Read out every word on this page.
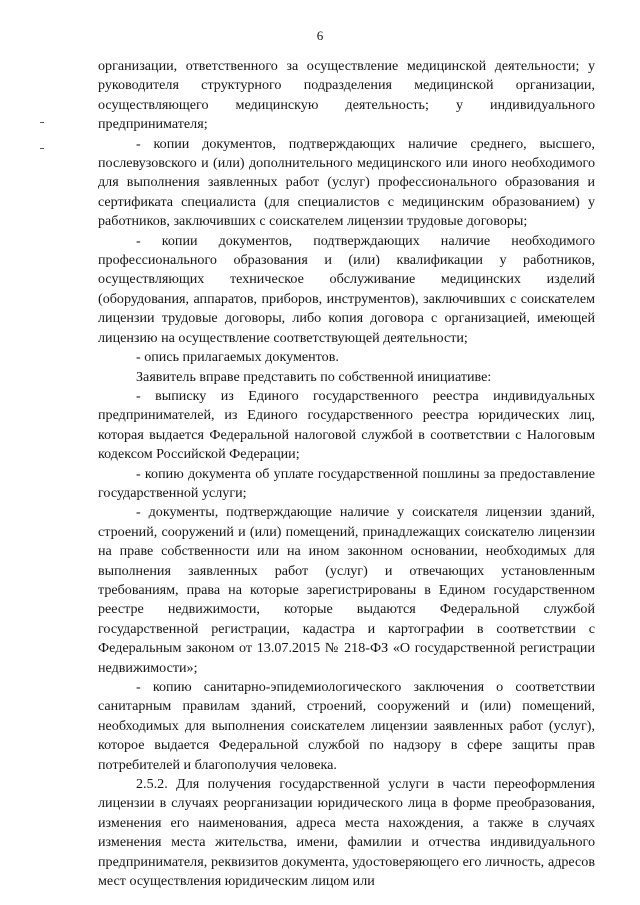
6

организации, ответственного за осуществление медицинской деятельности; у руководителя структурного подразделения медицинской организации, осуществляющего медицинскую деятельность; у индивидуального предпринимателя;

- копии документов, подтверждающих наличие среднего, высшего, послевузовского и (или) дополнительного медицинского или иного необходимого для выполнения заявленных работ (услуг) профессионального образования и сертификата специалиста (для специалистов с медицинским образованием) у работников, заключивших с соискателем лицензии трудовые договоры;

- копии документов, подтверждающих наличие необходимого профессионального образования и (или) квалификации у работников, осуществляющих техническое обслуживание медицинских изделий (оборудования, аппаратов, приборов, инструментов), заключивших с соискателем лицензии трудовые договоры, либо копия договора с организацией, имеющей лицензию на осуществление соответствующей деятельности;

- опись прилагаемых документов.

Заявитель вправе представить по собственной инициативе:

- выписку из Единого государственного реестра индивидуальных предпринимателей, из Единого государственного реестра юридических лиц, которая выдается Федеральной налоговой службой в соответствии с Налоговым кодексом Российской Федерации;

- копию документа об уплате государственной пошлины за предоставление государственной услуги;

- документы, подтверждающие наличие у соискателя лицензии зданий, строений, сооружений и (или) помещений, принадлежащих соискателю лицензии на праве собственности или на ином законном основании, необходимых для выполнения заявленных работ (услуг) и отвечающих установленным требованиям, права на которые зарегистрированы в Едином государственном реестре недвижимости, которые выдаются Федеральной службой государственной регистрации, кадастра и картографии в соответствии с Федеральным законом от 13.07.2015 № 218-ФЗ «О государственной регистрации недвижимости»;

- копию санитарно-эпидемиологического заключения о соответствии санитарным правилам зданий, строений, сооружений и (или) помещений, необходимых для выполнения соискателем лицензии заявленных работ (услуг), которое выдается Федеральной службой по надзору в сфере защиты прав потребителей и благополучия человека.

2.5.2. Для получения государственной услуги в части переоформления лицензии в случаях реорганизации юридического лица в форме преобразования, изменения его наименования, адреса места нахождения, а также в случаях изменения места жительства, имени, фамилии и отчества индивидуального предпринимателя, реквизитов документа, удостоверяющего его личность, адресов мест осуществления юридическим лицом или
